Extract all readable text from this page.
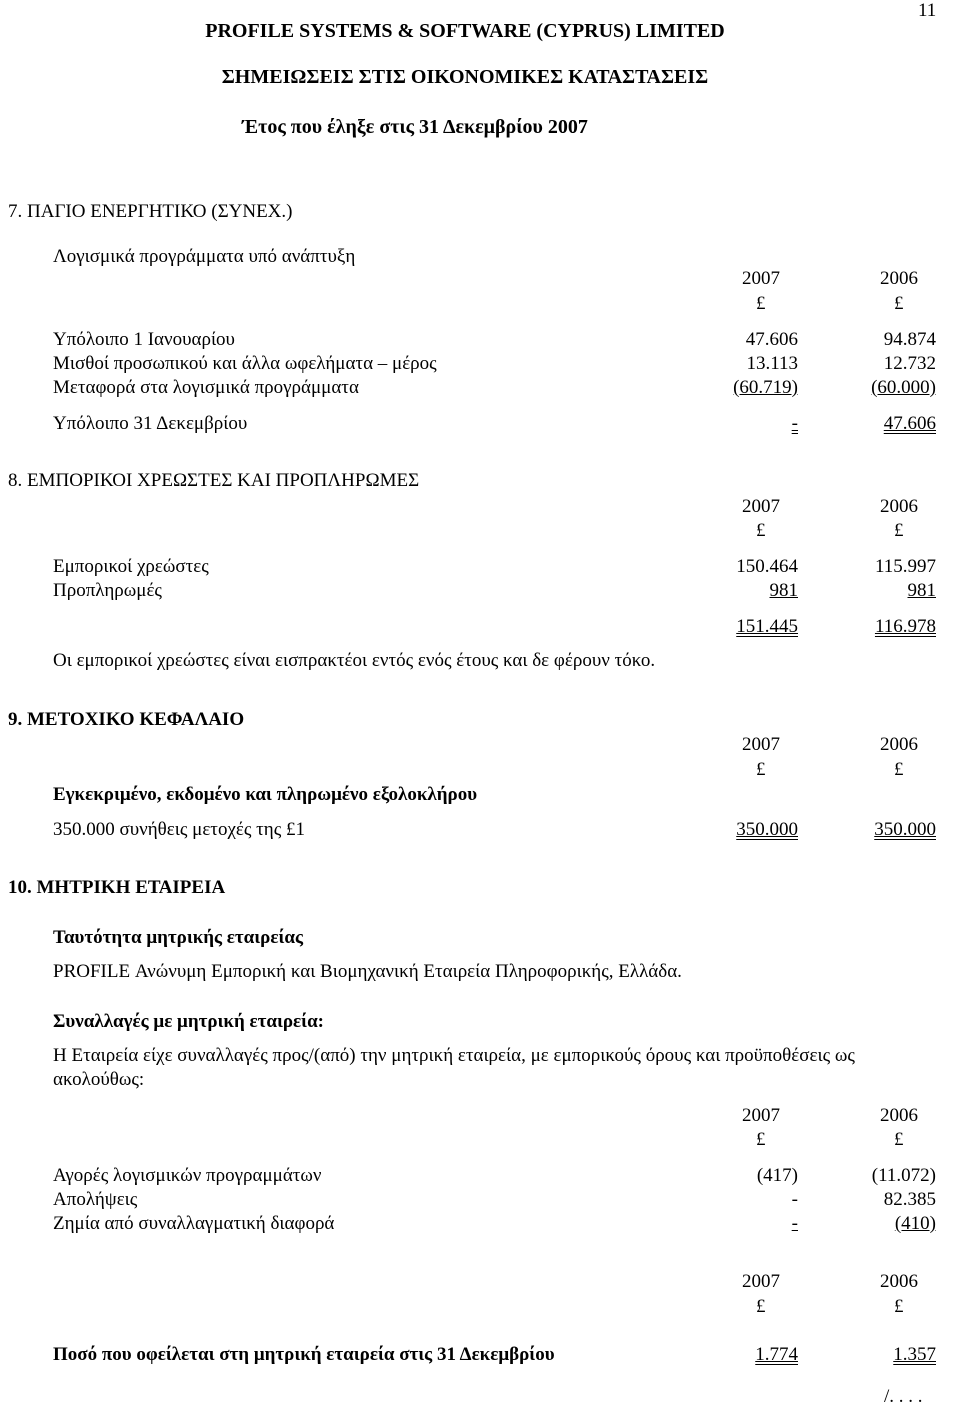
11
PROFILE SYSTEMS & SOFTWARE (CYPRUS) LIMITED
ΣΗΜΕΙΩΣΕΙΣ ΣΤΙΣ ΟΙΚΟΝΟΜΙΚΕΣ ΚΑΤΑΣΤΑΣΕΙΣ
Έτος που έληξε στις 31 Δεκεμβρίου 2007
7. ΠΑΓΙΟ ΕΝΕΡΓΗΤΙΚΟ (ΣΥΝΕΧ.)
Λογισμικά προγράμματα υπό ανάπτυξη
2007	2006
£	£
Υπόλοιπο 1 Ιανουαρίου	47.606	94.874
Μισθοί προσωπικού και άλλα ωφελήματα – μέρος	13.113	12.732
Μεταφορά στα λογισμικά προγράμματα	(60.719)	(60.000)
Υπόλοιπο 31 Δεκεμβρίου	-	47.606
8. ΕΜΠΟΡΙΚΟΙ ΧΡΕΩΣΤΕΣ ΚΑΙ ΠΡΟΠΛΗΡΩΜΕΣ
2007	2006
£	£
Εμπορικοί χρεώστες	150.464	115.997
Προπληρωμές	981	981
151.445	116.978
Οι εμπορικοί χρεώστες είναι εισπρακτέοι εντός ενός έτους και δε φέρουν τόκο.
9. ΜΕΤΟΧΙΚΟ ΚΕΦΑΛΑΙΟ
2007	2006
£	£
Εγκεκριμένο, εκδομένο και πληρωμένο εξολοκλήρου
350.000 συνήθεις μετοχές της £1	350.000	350.000
10. ΜΗΤΡΙΚΗ ΕΤΑΙΡΕΙΑ
Ταυτότητα μητρικής εταιρείας
PROFILE Ανώνυμη Εμπορική και Βιομηχανική Εταιρεία Πληροφορικής, Ελλάδα.
Συναλλαγές με μητρική εταιρεία:
Η Εταιρεία είχε συναλλαγές προς/(από) την μητρική εταιρεία, με εμπορικούς όρους και προϋποθέσεις ως
ακολούθως:
2007	2006
£	£
Αγορές λογισμικών προγραμμάτων	(417)	(11.072)
Απολήψεις	-	82.385
Ζημία από συναλλαγματική διαφορά	-	(410)
2007	2006
£	£
Ποσό που οφείλεται στη μητρική εταιρεία στις 31 Δεκεμβρίου	1.774	1.357
/. . . .
